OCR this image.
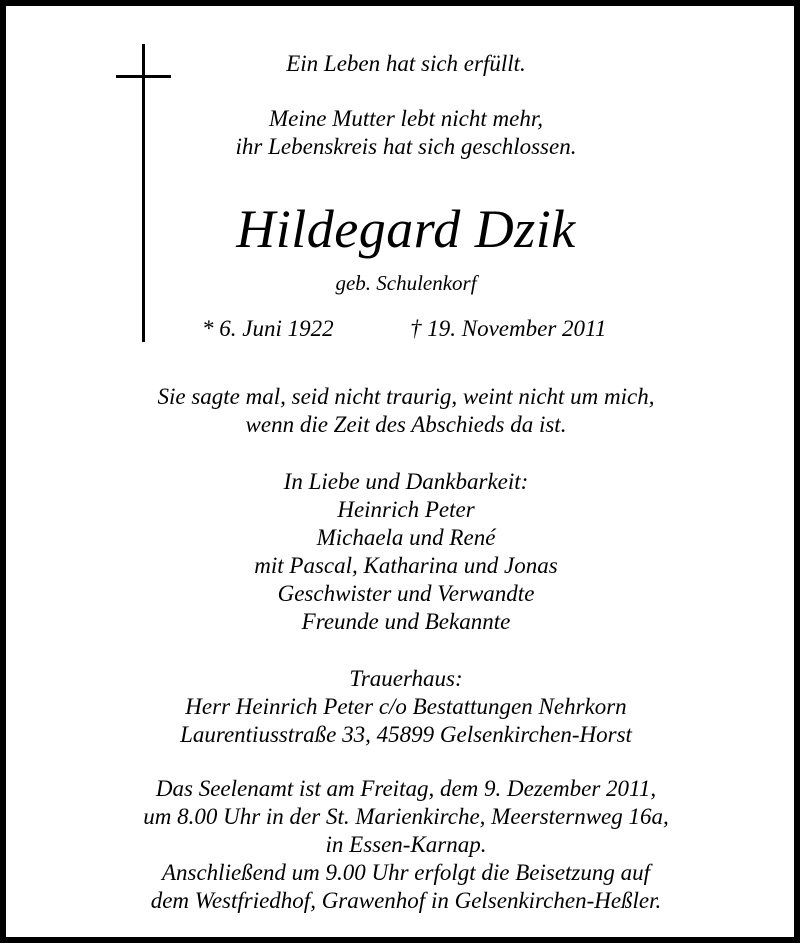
Ein Leben hat sich erfüllt.
Meine Mutter lebt nicht mehr,
ihr Lebenskreis hat sich geschlossen.
Hildegard Dzik
geb. Schulenkorf
* 6. Juni 1922	† 19. November 2011
Sie sagte mal, seid nicht traurig, weint nicht um mich,
wenn die Zeit des Abschieds da ist.
In Liebe und Dankbarkeit:
Heinrich Peter
Michaela und René
mit Pascal, Katharina und Jonas
Geschwister und Verwandte
Freunde und Bekannte
Trauerhaus:
Herr Heinrich Peter c/o Bestattungen Nehrkorn
Laurentiusstraße 33, 45899 Gelsenkirchen-Horst
Das Seelenamt ist am Freitag, dem 9. Dezember 2011,
um 8.00 Uhr in der St. Marienkirche, Meersternweg 16a,
in Essen-Karnap.
Anschließend um 9.00 Uhr erfolgt die Beisetzung auf
dem Westfriedhof, Grawenhof in Gelsenkirchen-Heßler.
